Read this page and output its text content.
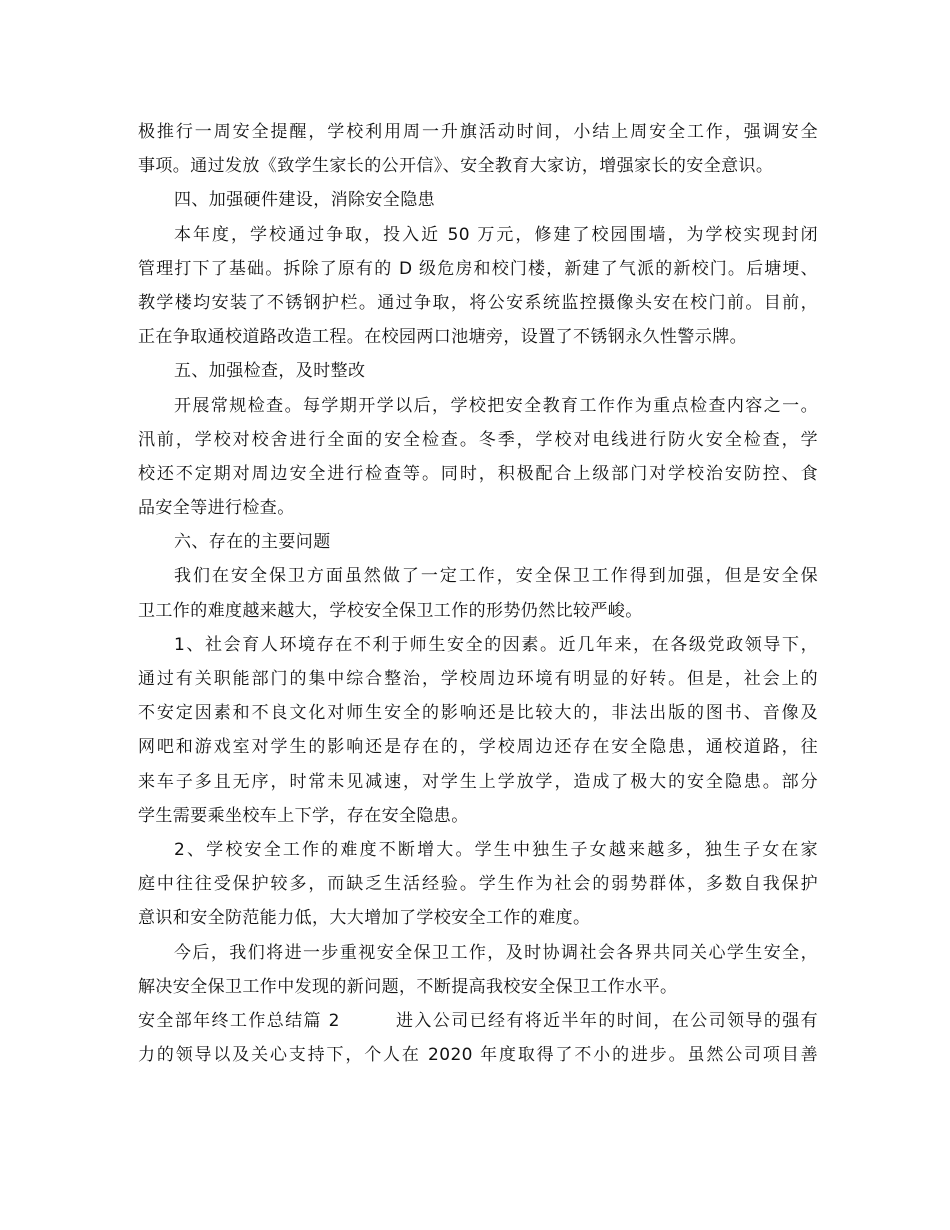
极推行一周安全提醒，学校利用周一升旗活动时间，小结上周安全工作，强调安全
事项。通过发放《致学生家长的公开信》、安全教育大家访，增强家长的安全意识。
四、加强硬件建设，消除安全隐患
本年度，学校通过争取，投入近 50 万元，修建了校园围墙，为学校实现封闭
管理打下了基础。拆除了原有的 D 级危房和校门楼，新建了气派的新校门。后塘埂、
教学楼均安装了不锈钢护栏。通过争取，将公安系统监控摄像头安在校门前。目前，
正在争取通校道路改造工程。在校园两口池塘旁，设置了不锈钢永久性警示牌。
五、加强检查，及时整改
开展常规检查。每学期开学以后，学校把安全教育工作作为重点检查内容之一。
汛前，学校对校舍进行全面的安全检查。冬季，学校对电线进行防火安全检查，学
校还不定期对周边安全进行检查等。同时，积极配合上级部门对学校治安防控、食
品安全等进行检查。
六、存在的主要问题
我们在安全保卫方面虽然做了一定工作，安全保卫工作得到加强，但是安全保
卫工作的难度越来越大，学校安全保卫工作的形势仍然比较严峻。
1、社会育人环境存在不利于师生安全的因素。近几年来，在各级党政领导下，
通过有关职能部门的集中综合整治，学校周边环境有明显的好转。但是，社会上的
不安定因素和不良文化对师生安全的影响还是比较大的，非法出版的图书、音像及
网吧和游戏室对学生的影响还是存在的，学校周边还存在安全隐患，通校道路，往
来车子多且无序，时常未见减速，对学生上学放学，造成了极大的安全隐患。部分
学生需要乘坐校车上下学，存在安全隐患。
2、学校安全工作的难度不断增大。学生中独生子女越来越多，独生子女在家
庭中往往受保护较多，而缺乏生活经验。学生作为社会的弱势群体，多数自我保护
意识和安全防范能力低，大大增加了学校安全工作的难度。
今后，我们将进一步重视安全保卫工作，及时协调社会各界共同关心学生安全，
解决安全保卫工作中发现的新问题，不断提高我校安全保卫工作水平。
安全部年终工作总结篇 2　　　进入公司已经有将近半年的时间，在公司领导的强有
力的领导以及关心支持下，个人在 2020 年度取得了不小的进步。虽然公司项目善
